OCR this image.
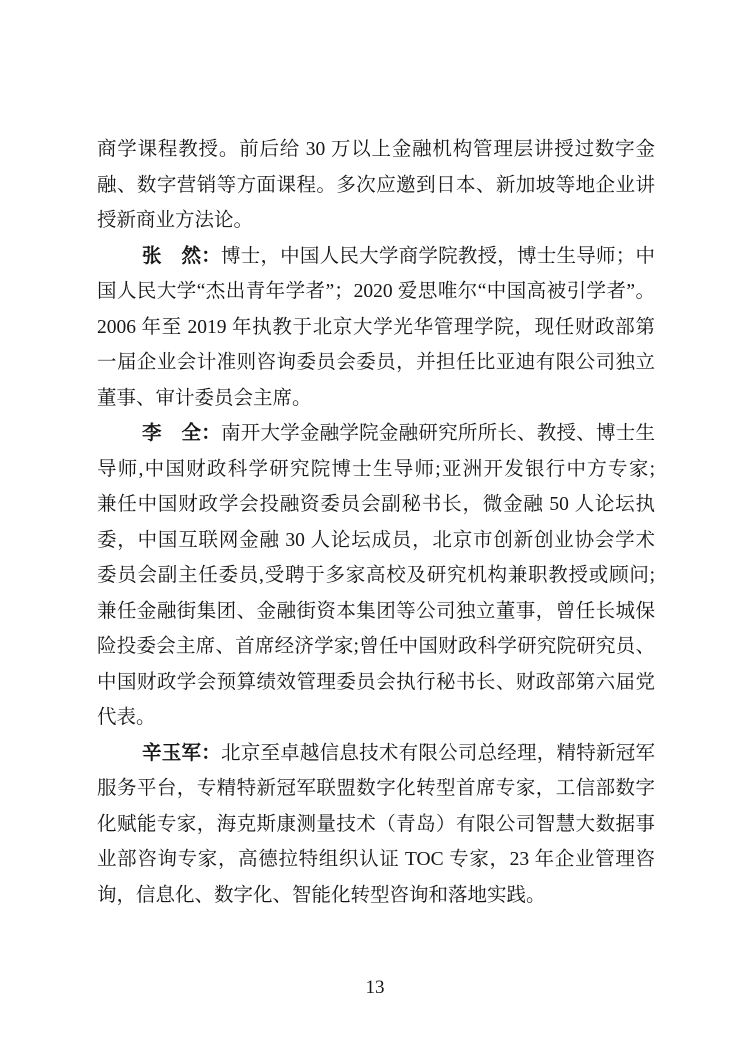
商学课程教授。前后给 30 万以上金融机构管理层讲授过数字金
融、数字营销等方面课程。多次应邀到日本、新加坡等地企业讲
授新商业方法论。
张　然：博士，中国人民大学商学院教授，博士生导师；中
国人民大学“杰出青年学者”；2020 爱思唯尔“中国高被引学者”。
2006 年至 2019 年执教于北京大学光华管理学院，现任财政部第
一届企业会计准则咨询委员会委员，并担任比亚迪有限公司独立
董事、审计委员会主席。
李　全：南开大学金融学院金融研究所所长、教授、博士生
导师,中国财政科学研究院博士生导师;亚洲开发银行中方专家;
兼任中国财政学会投融资委员会副秘书长，微金融 50 人论坛执
委，中国互联网金融 30 人论坛成员，北京市创新创业协会学术
委员会副主任委员,受聘于多家高校及研究机构兼职教授或顾问;
兼任金融街集团、金融街资本集团等公司独立董事，曾任长城保
险投委会主席、首席经济学家;曾任中国财政科学研究院研究员、
中国财政学会预算绩效管理委员会执行秘书长、财政部第六届党
代表。
辛玉军：北京至卓越信息技术有限公司总经理，精特新冠军
服务平台，专精特新冠军联盟数字化转型首席专家，工信部数字
化赋能专家，海克斯康测量技术（青岛）有限公司智慧大数据事
业部咨询专家，高德拉特组织认证 TOC 专家，23 年企业管理咨
询，信息化、数字化、智能化转型咨询和落地实践。
13
